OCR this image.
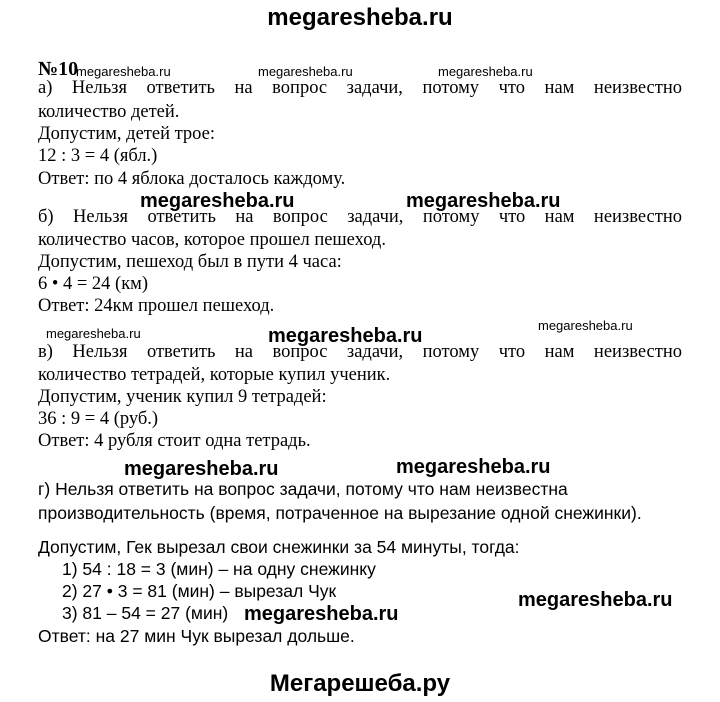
megaresheba.ru
Мегарешеба.ру
№10
megaresheba.ru	megaresheba.ru	megaresheba.ru
а) Нельзя ответить на вопрос задачи, потому что нам неизвестно
количество детей.
Допустим, детей трое:
12 : 3 = 4 (ябл.)
Ответ: по 4 яблока досталось каждому.
megaresheba.ru	megaresheba.ru
б) Нельзя ответить на вопрос задачи, потому что нам неизвестно
количество часов, которое прошел пешеход.
Допустим, пешеход был в пути 4 часа:
6 • 4 = 24 (км)
Ответ: 24км прошел пешеход.
megaresheba.ru	megaresheba.ru	megaresheba.ru
в) Нельзя ответить на вопрос задачи, потому что нам неизвестно
количество тетрадей, которые купил ученик.
Допустим, ученик купил 9 тетрадей:
36 : 9 = 4 (руб.)
Ответ: 4 рубля стоит одна тетрадь.
megaresheba.ru	megaresheba.ru
г) Нельзя ответить на вопрос задачи, потому что нам неизвестна
производительность (время, потраченное на вырезание одной снежинки).
Допустим, Гек вырезал свои снежинки за 54 минуты, тогда:
1) 54 : 18 = 3 (мин) – на одну снежинку
2) 27 • 3 = 81 (мин) – вырезал Чук
3) 81 – 54 = 27 (мин) megaresheba.ru
megaresheba.ru
Ответ: на 27 мин Чук вырезал дольше.
